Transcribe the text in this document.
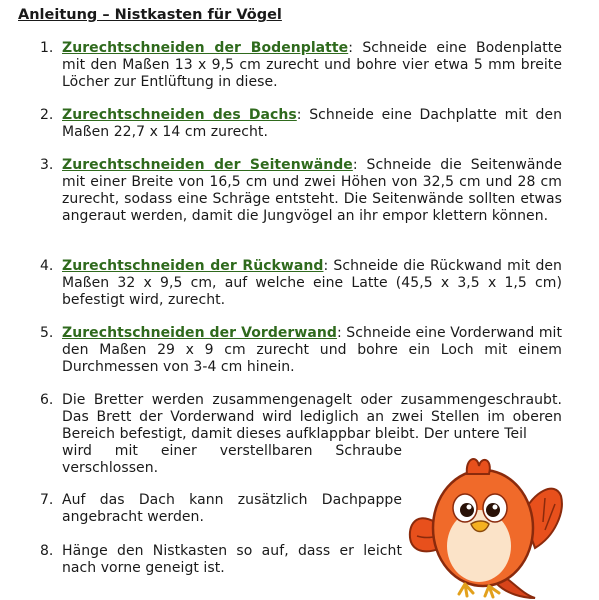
Anleitung – Nistkasten für Vögel
1. Zurechtschneiden der Bodenplatte: Schneide eine Bodenplatte mit den Maßen 13 x 9,5 cm zurecht und bohre vier etwa 5 mm breite Löcher zur Entlüftung in diese.
2. Zurechtschneiden des Dachs: Schneide eine Dachplatte mit den Maßen 22,7 x 14 cm zurecht.
3. Zurechtschneiden der Seitenwände: Schneide die Seitenwände mit einer Breite von 16,5 cm und zwei Höhen von 32,5 cm und 28 cm zurecht, sodass eine Schräge entsteht. Die Seitenwände sollten etwas angeraut werden, damit die Jungvögel an ihr empor klettern können.
4. Zurechtschneiden der Rückwand: Schneide die Rückwand mit den Maßen 32 x 9,5 cm, auf welche eine Latte (45,5 x 3,5 x 1,5 cm) befestigt wird, zurecht.
5. Zurechtschneiden der Vorderwand: Schneide eine Vorderwand mit den Maßen 29 x 9 cm zurecht und bohre ein Loch mit einem Durchmessen von 3-4 cm hinein.
6. Die Bretter werden zusammengenagelt oder zusammengeschraubt. Das Brett der Vorderwand wird lediglich an zwei Stellen im oberen Bereich befestigt, damit dieses aufklappbar bleibt. Der untere Teil
wird mit einer verstellbaren Schraube verschlossen.
7. Auf das Dach kann zusätzlich Dachpappe angebracht werden.
8. Hänge den Nistkasten so auf, dass er leicht nach vorne geneigt ist.
